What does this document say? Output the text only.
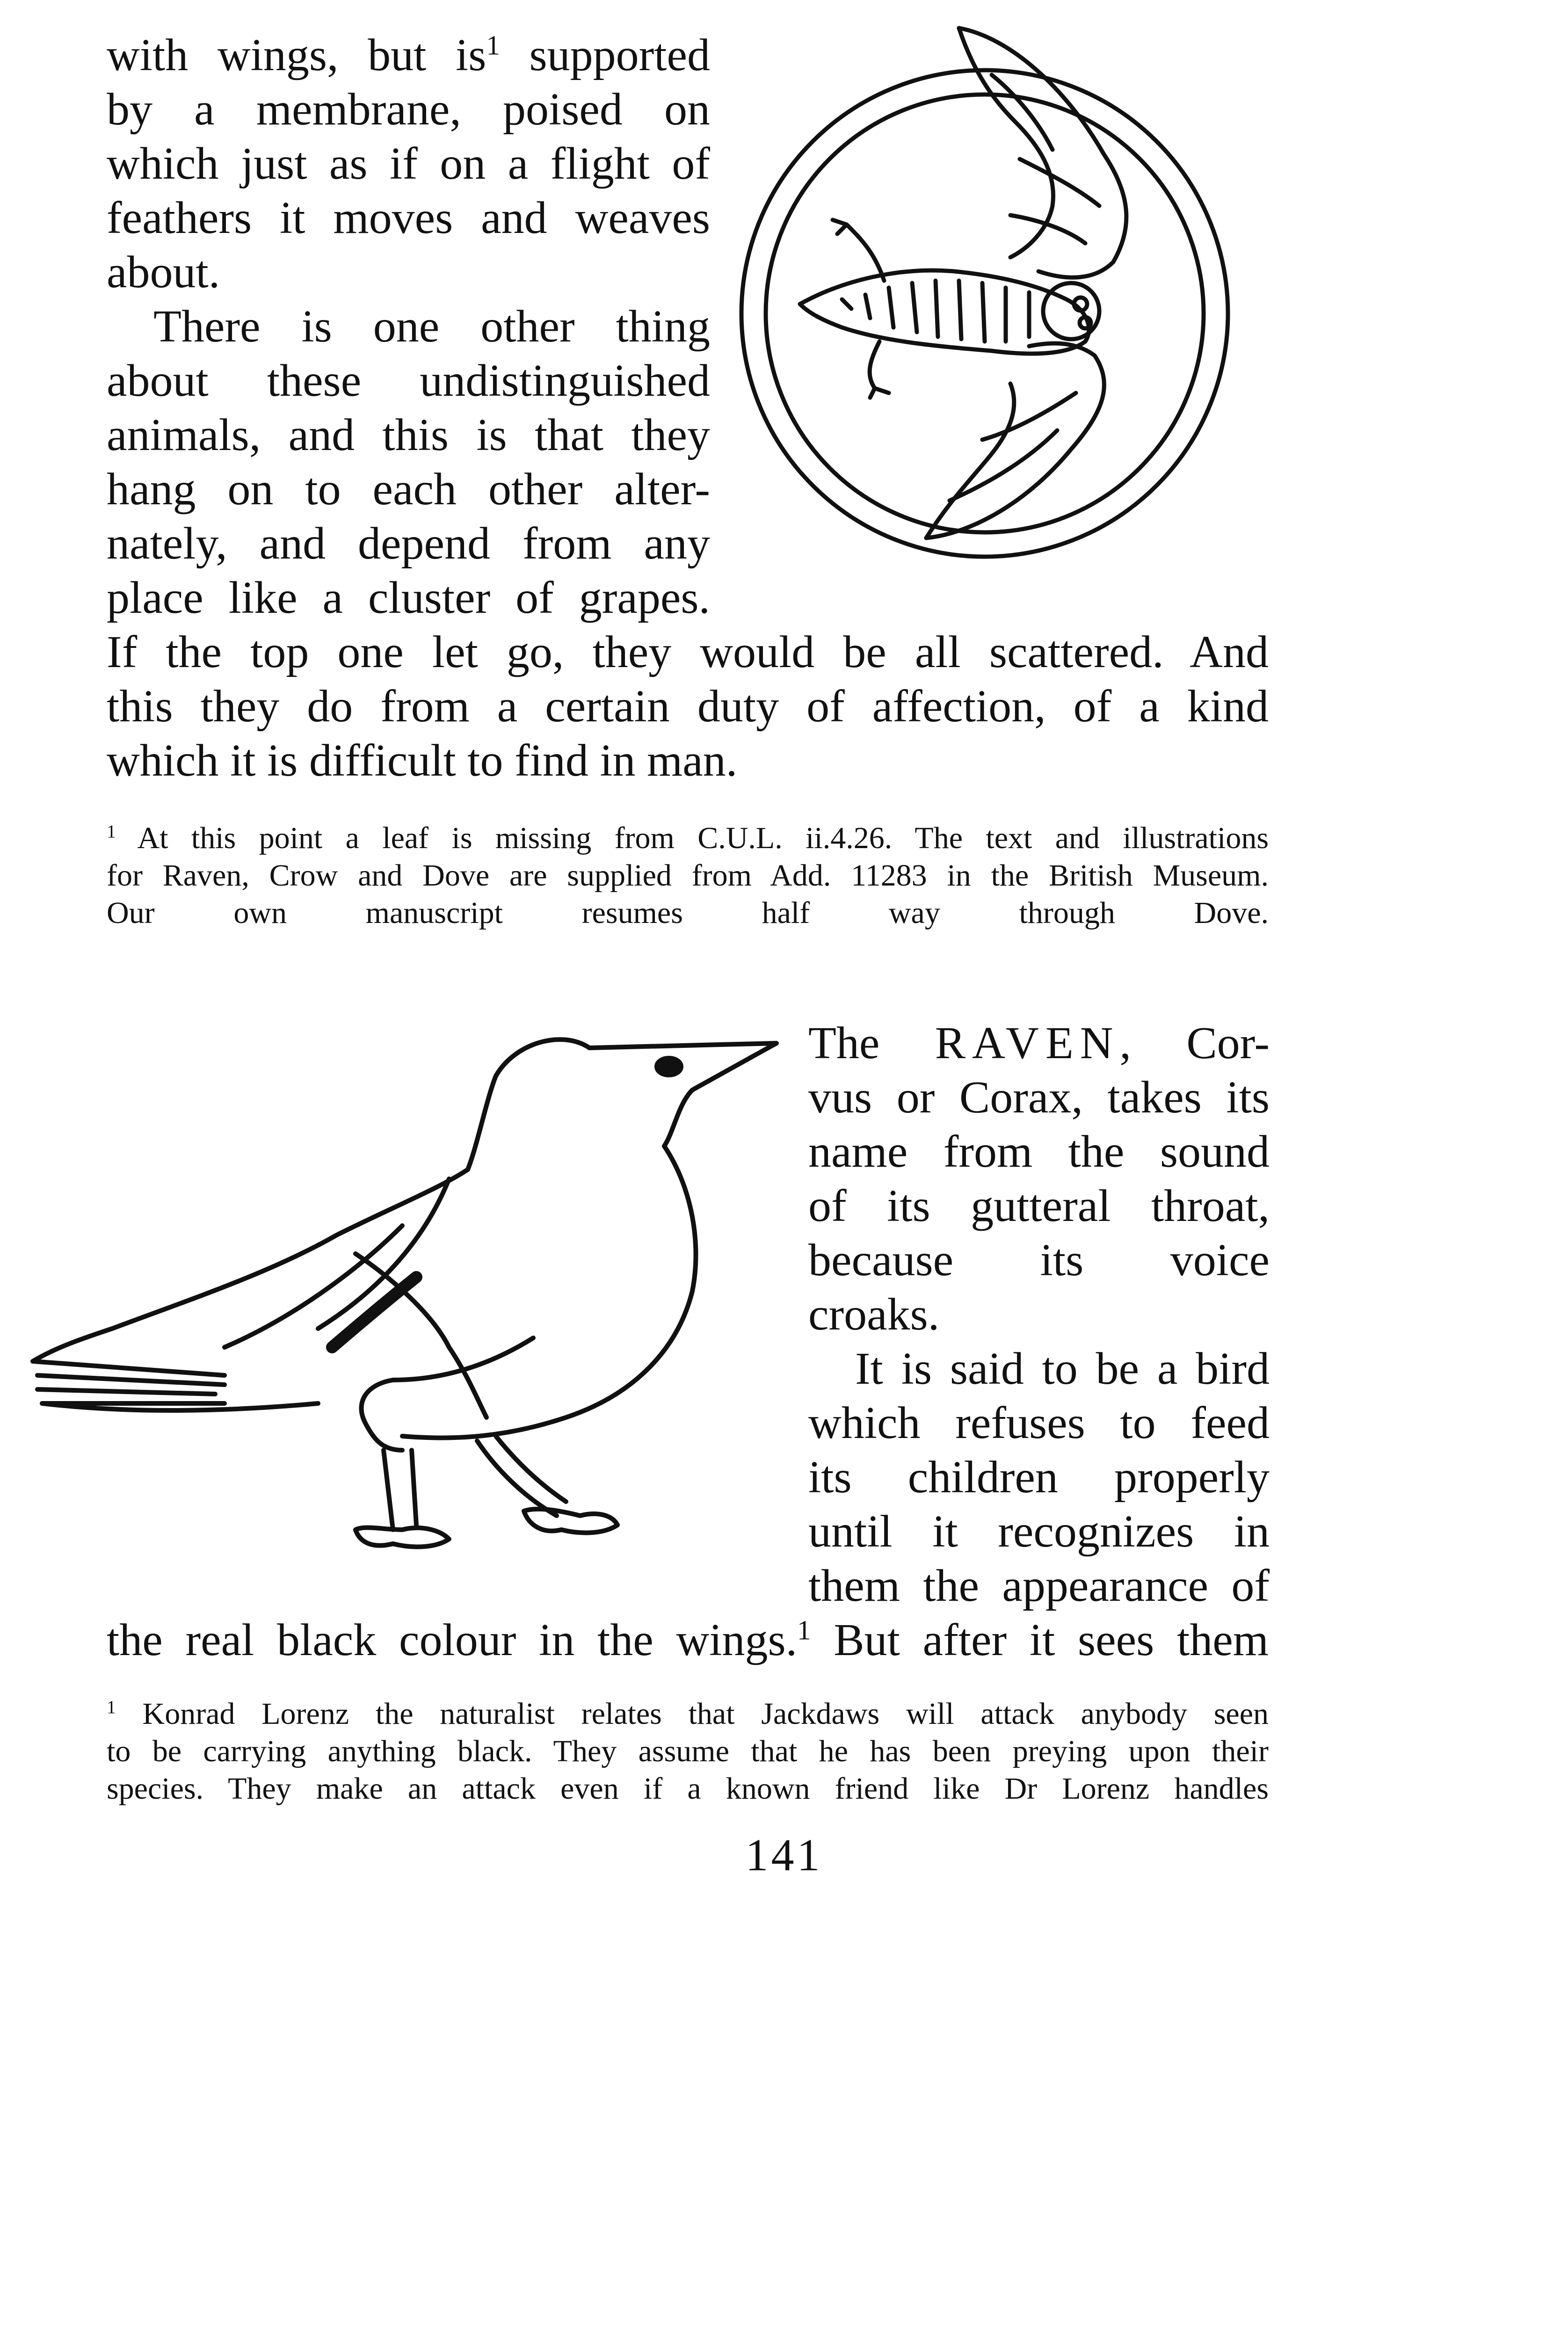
with wings, but $is^1$ supported
by a membrane, poised on
which just as if on a flight of
feathers it moves and weaves
about.
There is one other thing
about these undistinguished
animals, and this is that they
hang on to each other alter-
nately, and depend from any
place like a cluster of grapes.
If the top one let go, they would be all scattered. And
this they do from a certain duty of affection, of a kind
which it is difficult to find in man.
$^1$ At this point a leaf is missing from C.U.L. ii.4.26. The text and illustrations
for Raven, Crow and Dove are supplied from Add. 11283 in the British Museum.
Our own manuscript resumes half way through Dove.
The RAVEN, Cor-
vus or Corax, takes its
name from the sound
of its gutteral throat,
because its voice
croaks.
It is said to be a bird
which refuses to feed
its children properly
until it recognizes in
them the appearance of
the real black colour in the wings.$^1$ But after it sees them
$^1$ Konrad Lorenz the naturalist relates that Jackdaws will attack anybody seen
to be carrying anything black. They assume that he has been preying upon their
species. They make an attack even if a known friend like Dr Lorenz handles
141
